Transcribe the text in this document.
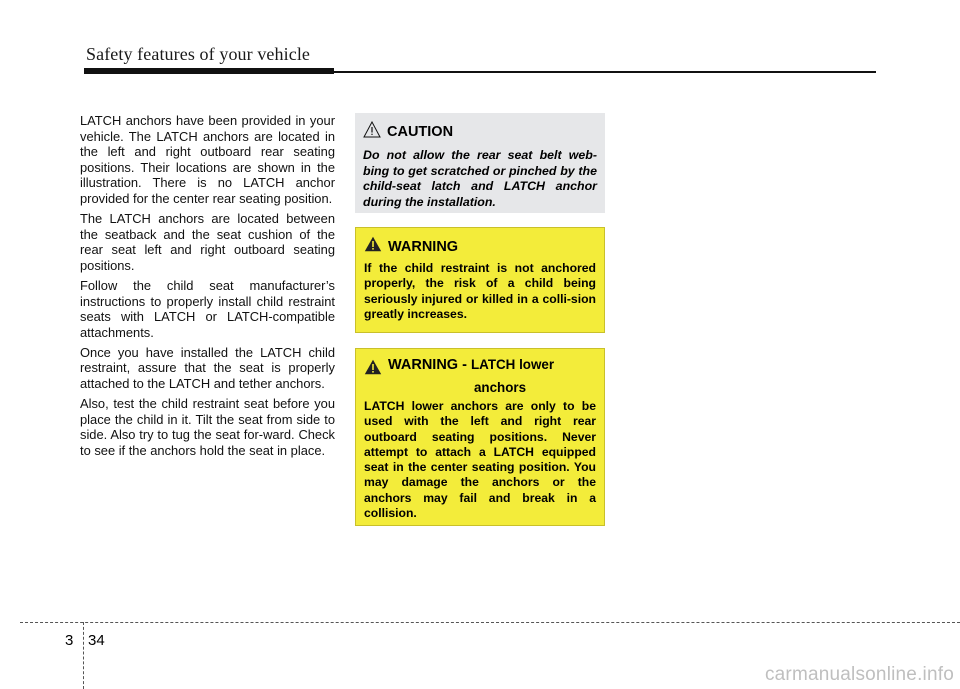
Safety features of your vehicle

LATCH anchors have been provided in your vehicle. The LATCH anchors are located in the left and right outboard rear seating positions. Their locations are shown in the illustration. There is no LATCH anchor provided for the center rear seating position.

The LATCH anchors are located between the seatback and the seat cushion of the rear seat left and right outboard seating positions.

Follow the child seat manufacturer’s instructions to properly install child restraint seats with LATCH or LATCH-compatible attachments.

Once you have installed the LATCH child restraint, assure that the seat is properly attached to the LATCH and tether anchors.

Also, test the child restraint seat before you place the child in it. Tilt the seat from side to side. Also try to tug the seat for-ward. Check to see if the anchors hold the seat in place.

CAUTION
Do not allow the rear seat belt web-bing to get scratched or pinched by the child-seat latch and LATCH anchor during the installation.
WARNING
If the child restraint is not anchored properly, the risk of a child being seriously injured or killed in a colli-sion greatly increases.
WARNING - LATCH lower
anchors
LATCH lower anchors are only to be used with the left and right rear outboard seating positions. Never attempt to attach a LATCH equipped seat in the center seating position. You may damage the anchors or the anchors may fail and break in a collision.
3 34
carmanualsonline.info
